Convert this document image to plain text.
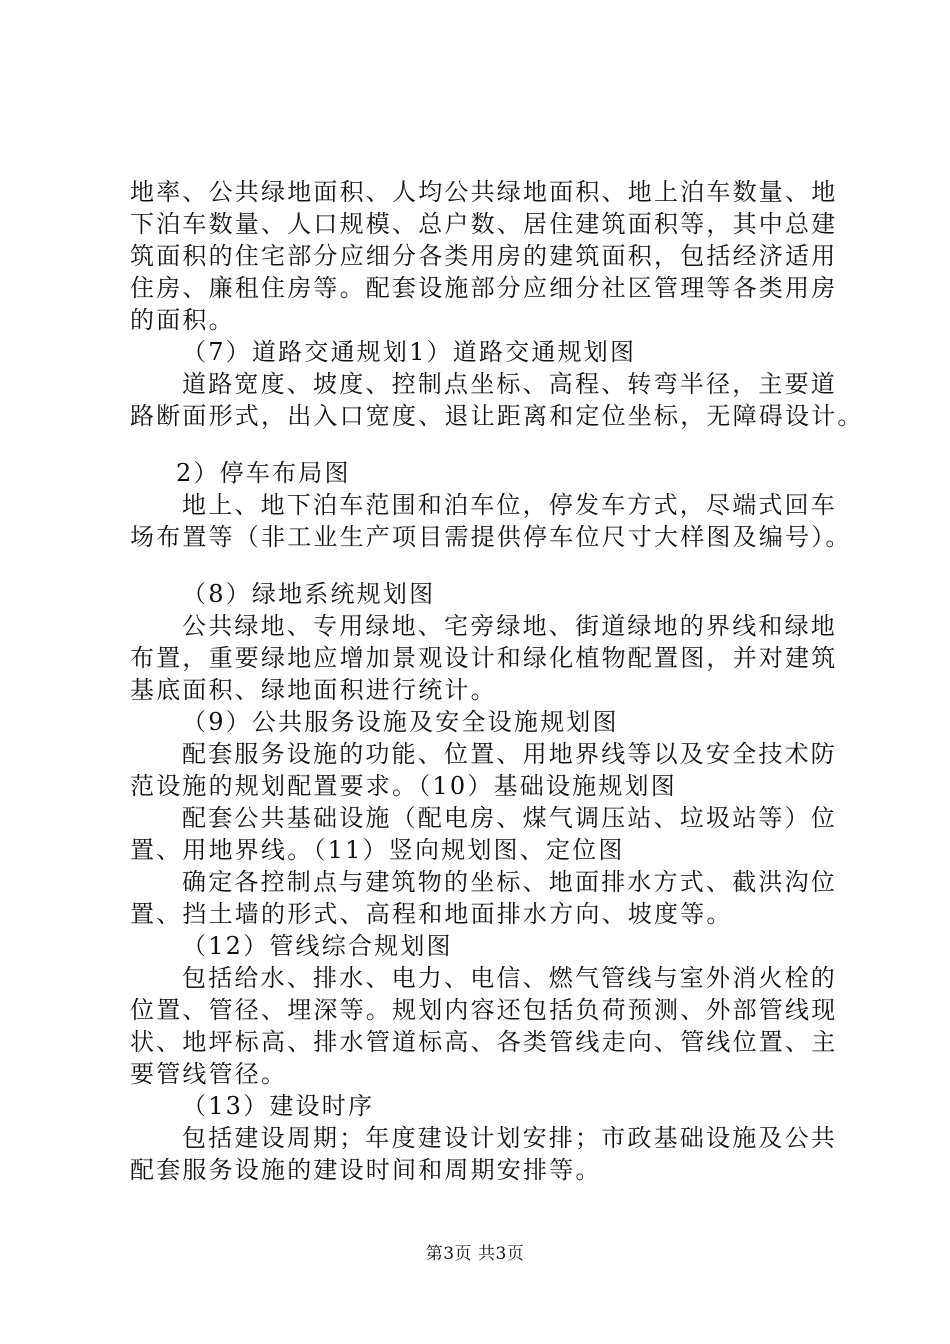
地率、公共绿地面积、人均公共绿地面积、地上泊车数量、地
下泊车数量、人口规模、总户数、居住建筑面积等，其中总建
筑面积的住宅部分应细分各类用房的建筑面积，包括经济适用
住房、廉租住房等。配套设施部分应细分社区管理等各类用房
的面积。
（7）道路交通规划1）道路交通规划图
道路宽度、坡度、控制点坐标、高程、转弯半径，主要道
路断面形式，出入口宽度、退让距离和定位坐标，无障碍设计。
2）停车布局图
地上、地下泊车范围和泊车位，停发车方式，尽端式回车
场布置等（非工业生产项目需提供停车位尺寸大样图及编号）。
（8）绿地系统规划图
公共绿地、专用绿地、宅旁绿地、街道绿地的界线和绿地
布置，重要绿地应增加景观设计和绿化植物配置图，并对建筑
基底面积、绿地面积进行统计。
（9）公共服务设施及安全设施规划图
配套服务设施的功能、位置、用地界线等以及安全技术防
范设施的规划配置要求。（10）基础设施规划图
配套公共基础设施（配电房、煤气调压站、垃圾站等）位
置、用地界线。（11）竖向规划图、定位图
确定各控制点与建筑物的坐标、地面排水方式、截洪沟位
置、挡土墙的形式、高程和地面排水方向、坡度等。
（12）管线综合规划图
包括给水、排水、电力、电信、燃气管线与室外消火栓的
位置、管径、埋深等。规划内容还包括负荷预测、外部管线现
状、地坪标高、排水管道标高、各类管线走向、管线位置、主
要管线管径。
（13）建设时序
包括建设周期；年度建设计划安排；市政基础设施及公共
配套服务设施的建设时间和周期安排等。
第3页 共3页
